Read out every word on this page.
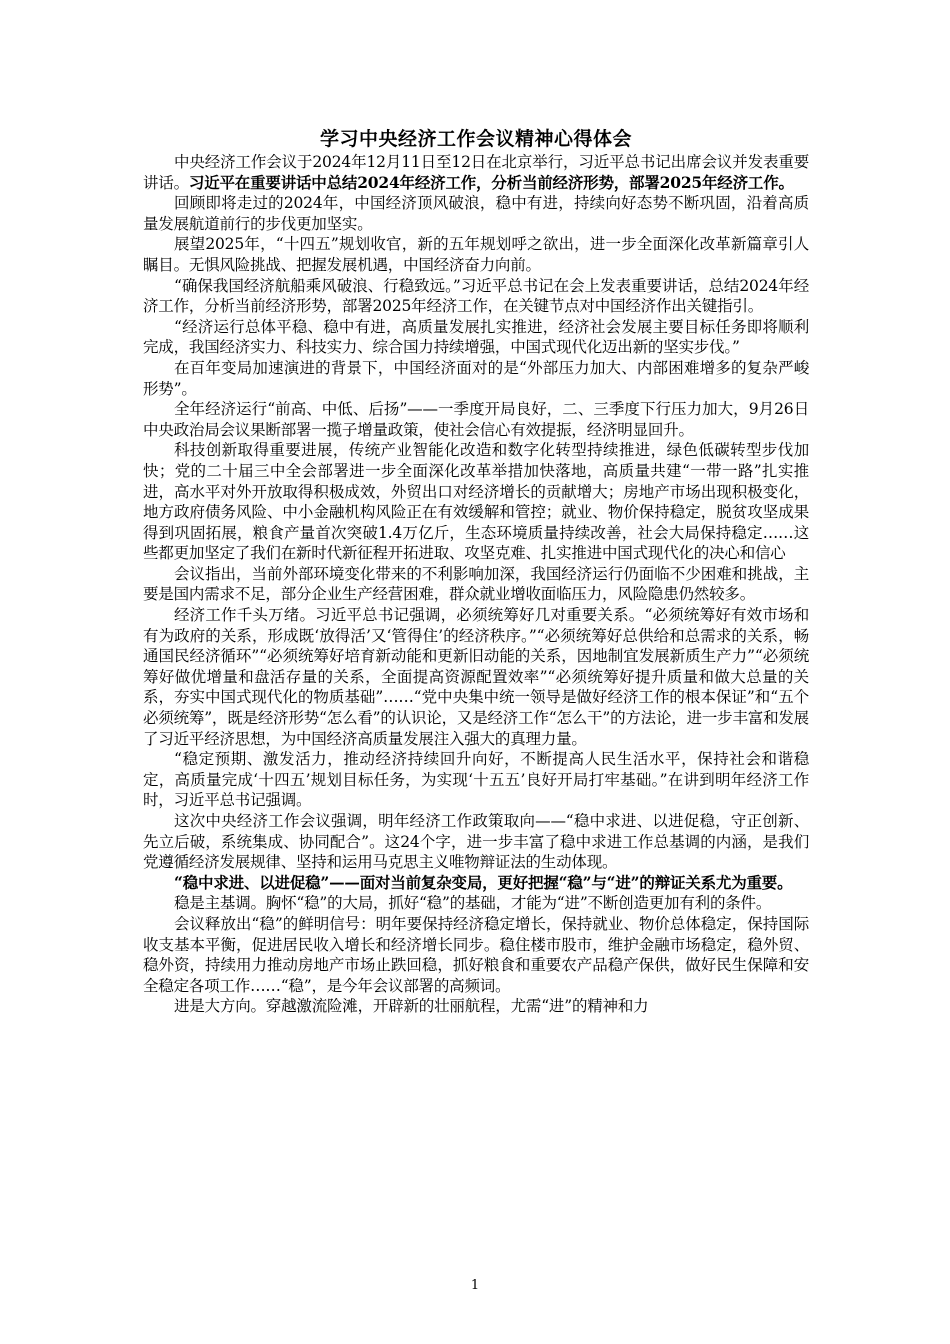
学习中央经济工作会议精神心得体会

中央经济工作会议于2024年12月11日至12日在北京举行，习近平总书记出席会议并发表重要讲话。习近平在重要讲话中总结2024年经济工作，分析当前经济形势，部署2025年经济工作。

回顾即将走过的2024年，中国经济顶风破浪，稳中有进，持续向好态势不断巩固，沿着高质量发展航道前行的步伐更加坚实。

展望2025年，“十四五”规划收官，新的五年规划呼之欲出，进一步全面深化改革新篇章引人瞩目。无惧风险挑战、把握发展机遇，中国经济奋力向前。

“确保我国经济航船乘风破浪、行稳致远。”习近平总书记在会上发表重要讲话，总结2024年经济工作，分析当前经济形势，部署2025年经济工作，在关键节点对中国经济作出关键指引。

“经济运行总体平稳、稳中有进，高质量发展扎实推进，经济社会发展主要目标任务即将顺利完成，我国经济实力、科技实力、综合国力持续增强，中国式现代化迈出新的坚实步伐。”

在百年变局加速演进的背景下，中国经济面对的是“外部压力加大、内部困难增多的复杂严峻形势”。

全年经济运行“前高、中低、后扬”——一季度开局良好，二、三季度下行压力加大，9月26日中央政治局会议果断部署一揽子增量政策，使社会信心有效提振，经济明显回升。

科技创新取得重要进展，传统产业智能化改造和数字化转型持续推进，绿色低碳转型步伐加快；党的二十届三中全会部署进一步全面深化改革举措加快落地，高质量共建“一带一路”扎实推进，高水平对外开放取得积极成效，外贸出口对经济增长的贡献增大；房地产市场出现积极变化，地方政府债务风险、中小金融机构风险正在有效缓解和管控；就业、物价保持稳定，脱贫攻坚成果得到巩固拓展，粮食产量首次突破1.4万亿斤，生态环境质量持续改善，社会大局保持稳定……这些都更加坚定了我们在新时代新征程开拓进取、攻坚克难、扎实推进中国式现代化的决心和信心

会议指出，当前外部环境变化带来的不利影响加深，我国经济运行仍面临不少困难和挑战，主要是国内需求不足，部分企业生产经营困难，群众就业增收面临压力，风险隐患仍然较多。

经济工作千头万绪。习近平总书记强调，必须统筹好几对重要关系。“必须统筹好有效市场和有为政府的关系，形成既‘放得活’又‘管得住’的经济秩序。”“必须统筹好总供给和总需求的关系，畅通国民经济循环”“必须统筹好培育新动能和更新旧动能的关系，因地制宜发展新质生产力”“必须统筹好做优增量和盘活存量的关系，全面提高资源配置效率”“必须统筹好提升质量和做大总量的关系，夯实中国式现代化的物质基础”……“党中央集中统一领导是做好经济工作的根本保证”和“五个必须统筹”，既是经济形势“怎么看”的认识论，又是经济工作“怎么干”的方法论，进一步丰富和发展了习近平经济思想，为中国经济高质量发展注入强大的真理力量。

“稳定预期、激发活力，推动经济持续回升向好，不断提高人民生活水平，保持社会和谐稳定，高质量完成‘十四五’规划目标任务，为实现‘十五五’良好开局打牢基础。”在讲到明年经济工作时，习近平总书记强调。

这次中央经济工作会议强调，明年经济工作政策取向——“稳中求进、以进促稳，守正创新、先立后破，系统集成、协同配合”。这24个字，进一步丰富了稳中求进工作总基调的内涵，是我们党遵循经济发展规律、坚持和运用马克思主义唯物辩证法的生动体现。

“稳中求进、以进促稳”——面对当前复杂变局，更好把握“稳”与“进”的辩证关系尤为重要。

稳是主基调。胸怀“稳”的大局，抓好“稳”的基础，才能为“进”不断创造更加有利的条件。

会议释放出“稳”的鲜明信号：明年要保持经济稳定增长，保持就业、物价总体稳定，保持国际收支基本平衡，促进居民收入增长和经济增长同步。稳住楼市股市，维护金融市场稳定，稳外贸、稳外资，持续用力推动房地产市场止跌回稳，抓好粮食和重要农产品稳产保供，做好民生保障和安全稳定各项工作……“稳”，是今年会议部署的高频词。

进是大方向。穿越激流险滩，开辟新的壮丽航程，尤需“进”的精神和力

1
